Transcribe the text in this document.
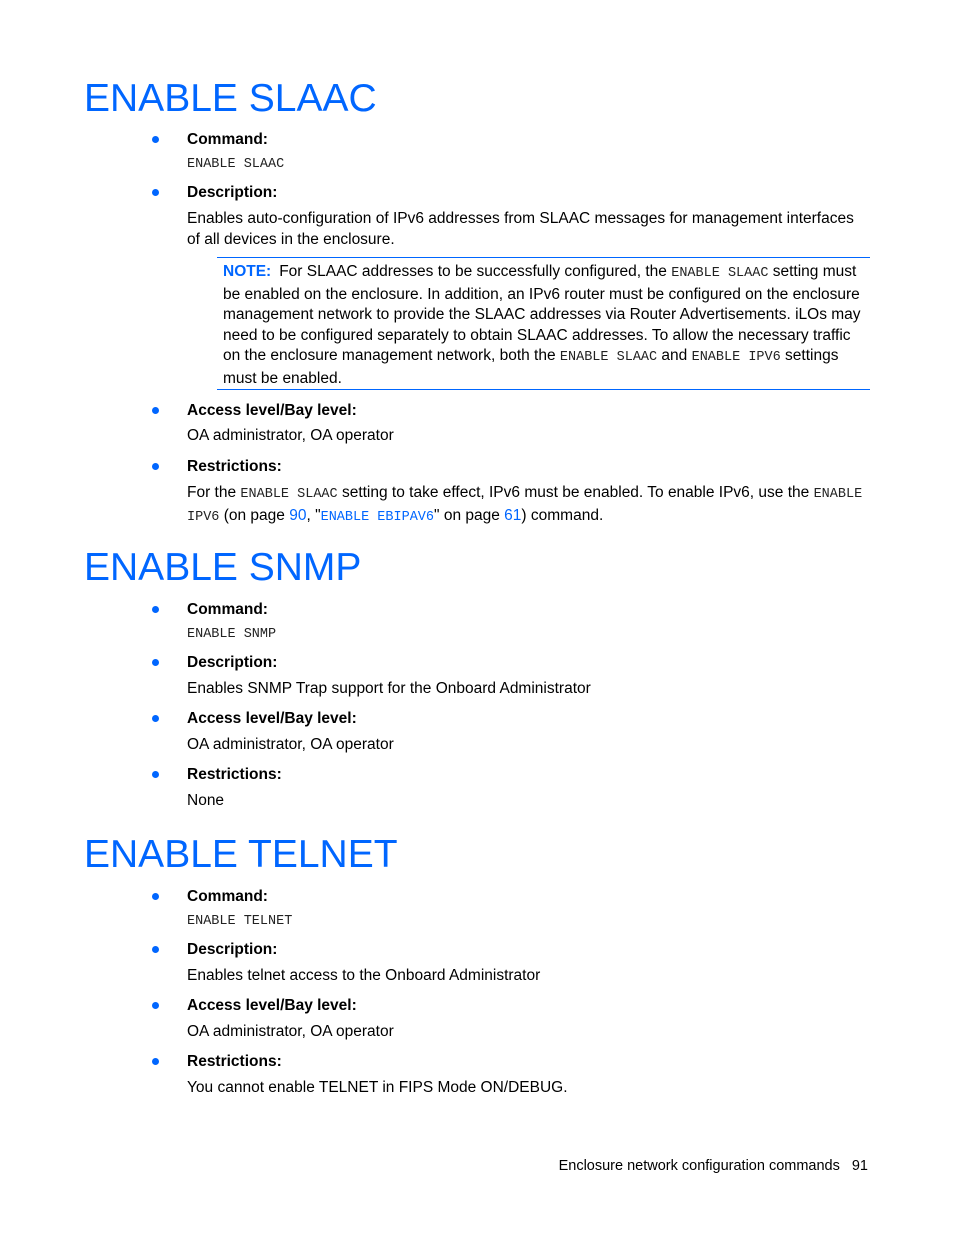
ENABLE SLAAC
Command:
ENABLE SLAAC
Description:
Enables auto-configuration of IPv6 addresses from SLAAC messages for management interfaces of all devices in the enclosure.
NOTE: For SLAAC addresses to be successfully configured, the ENABLE SLAAC setting must be enabled on the enclosure. In addition, an IPv6 router must be configured on the enclosure management network to provide the SLAAC addresses via Router Advertisements. iLOs may need to be configured separately to obtain SLAAC addresses. To allow the necessary traffic on the enclosure management network, both the ENABLE SLAAC and ENABLE IPV6 settings must be enabled.
Access level/Bay level:
OA administrator, OA operator
Restrictions:
For the ENABLE SLAAC setting to take effect, IPv6 must be enabled. To enable IPv6, use the ENABLE IPV6 (on page 90, "ENABLE EBIPAV6" on page 61) command.
ENABLE SNMP
Command:
ENABLE SNMP
Description:
Enables SNMP Trap support for the Onboard Administrator
Access level/Bay level:
OA administrator, OA operator
Restrictions:
None
ENABLE TELNET
Command:
ENABLE TELNET
Description:
Enables telnet access to the Onboard Administrator
Access level/Bay level:
OA administrator, OA operator
Restrictions:
You cannot enable TELNET in FIPS Mode ON/DEBUG.
Enclosure network configuration commands 91
